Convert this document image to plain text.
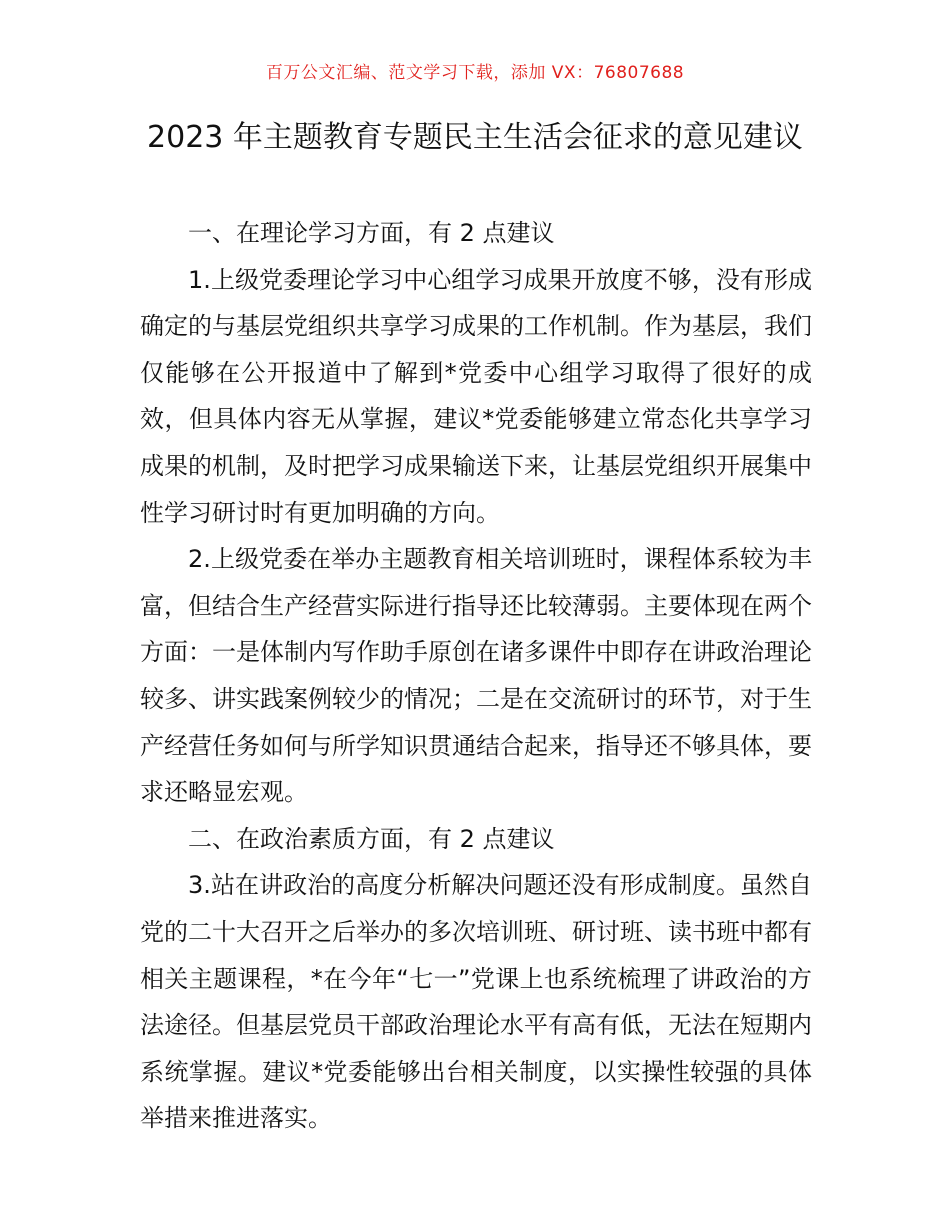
百万公文汇编、范文学习下载，添加 VX：76807688
2023 年主题教育专题民主生活会征求的意见建议

一、在理论学习方面，有 2 点建议

1.上级党委理论学习中心组学习成果开放度不够，没有形成确定的与基层党组织共享学习成果的工作机制。作为基层，我们仅能够在公开报道中了解到*党委中心组学习取得了很好的成效，但具体内容无从掌握，建议*党委能够建立常态化共享学习成果的机制，及时把学习成果输送下来，让基层党组织开展集中性学习研讨时有更加明确的方向。

2.上级党委在举办主题教育相关培训班时，课程体系较为丰富，但结合生产经营实际进行指导还比较薄弱。主要体现在两个方面：一是体制内写作助手原创在诸多课件中即存在讲政治理论较多、讲实践案例较少的情况；二是在交流研讨的环节，对于生产经营任务如何与所学知识贯通结合起来，指导还不够具体，要求还略显宏观。

二、在政治素质方面，有 2 点建议

3.站在讲政治的高度分析解决问题还没有形成制度。虽然自党的二十大召开之后举办的多次培训班、研讨班、读书班中都有相关主题课程，*在今年“七一”党课上也系统梳理了讲政治的方法途径。但基层党员干部政治理论水平有高有低，无法在短期内系统掌握。建议*党委能够出台相关制度，以实操性较强的具体举措来推进落实。
